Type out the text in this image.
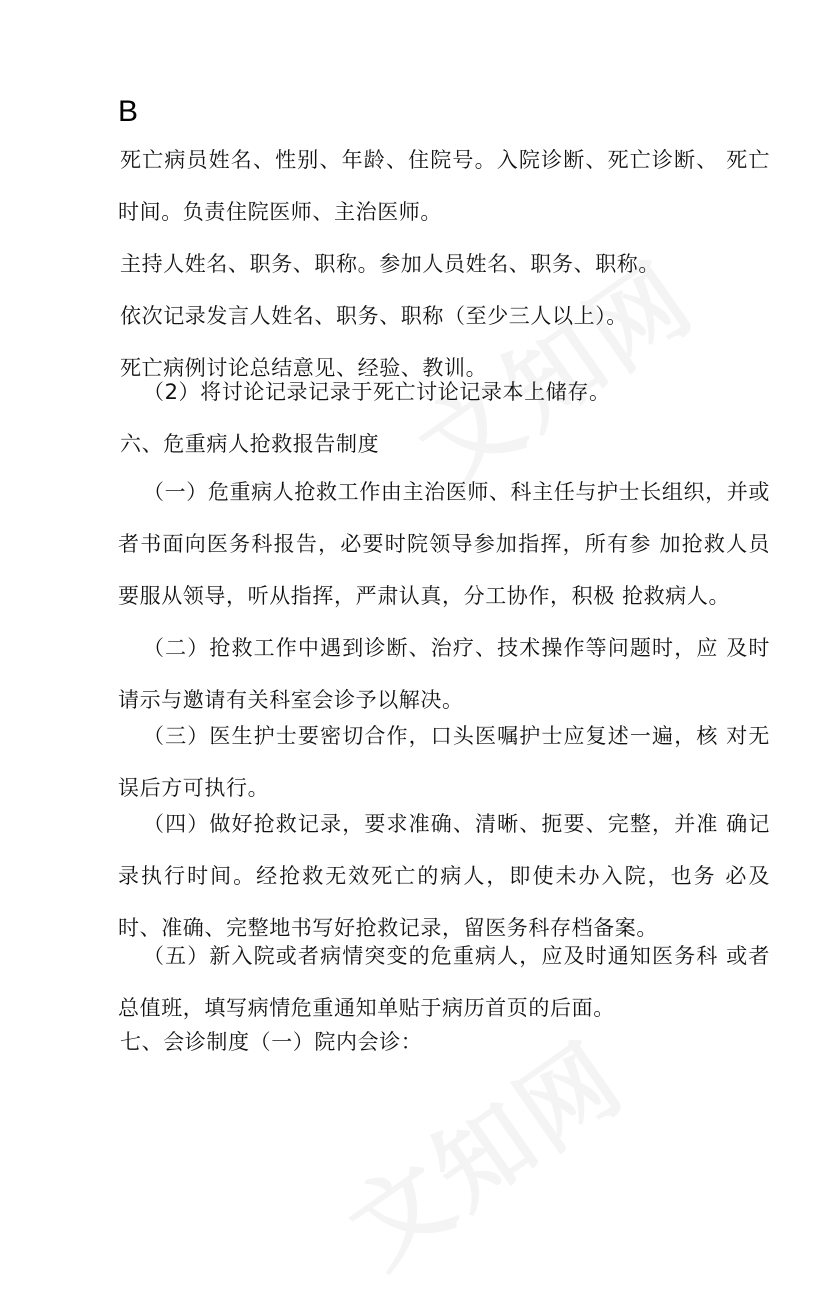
B

死亡病员姓名、性别、年龄、住院号。入院诊断、死亡诊断、 死亡时间。负责住院医师、主治医师。

主持人姓名、职务、职称。参加人员姓名、职务、职称。

依次记录发言人姓名、职务、职称（至少三人以上）。

死亡病例讨论总结意见、经验、教训。

（2）将讨论记录记录于死亡讨论记录本上储存。

六、危重病人抢救报告制度

（一）危重病人抢救工作由主治医师、科主任与护士长组织，并或者书面向医务科报告，必要时院领导参加指挥，所有参 加抢救人员要服从领导，听从指挥，严肃认真，分工协作，积极 抢救病人。

（二）抢救工作中遇到诊断、治疗、技术操作等问题时，应 及时请示与邀请有关科室会诊予以解决。

（三）医生护士要密切合作，口头医嘱护士应复述一遍，核 对无误后方可执行。

（四）做好抢救记录，要求准确、清晰、扼要、完整，并准 确记录执行时间。经抢救无效死亡的病人，即使未办入院，也务 必及时、准确、完整地书写好抢救记录，留医务科存档备案。

（五）新入院或者病情突变的危重病人，应及时通知医务科 或者 总值班，填写病情危重通知单贴于病历首页的后面。

七、会诊制度（一）院内会诊：
